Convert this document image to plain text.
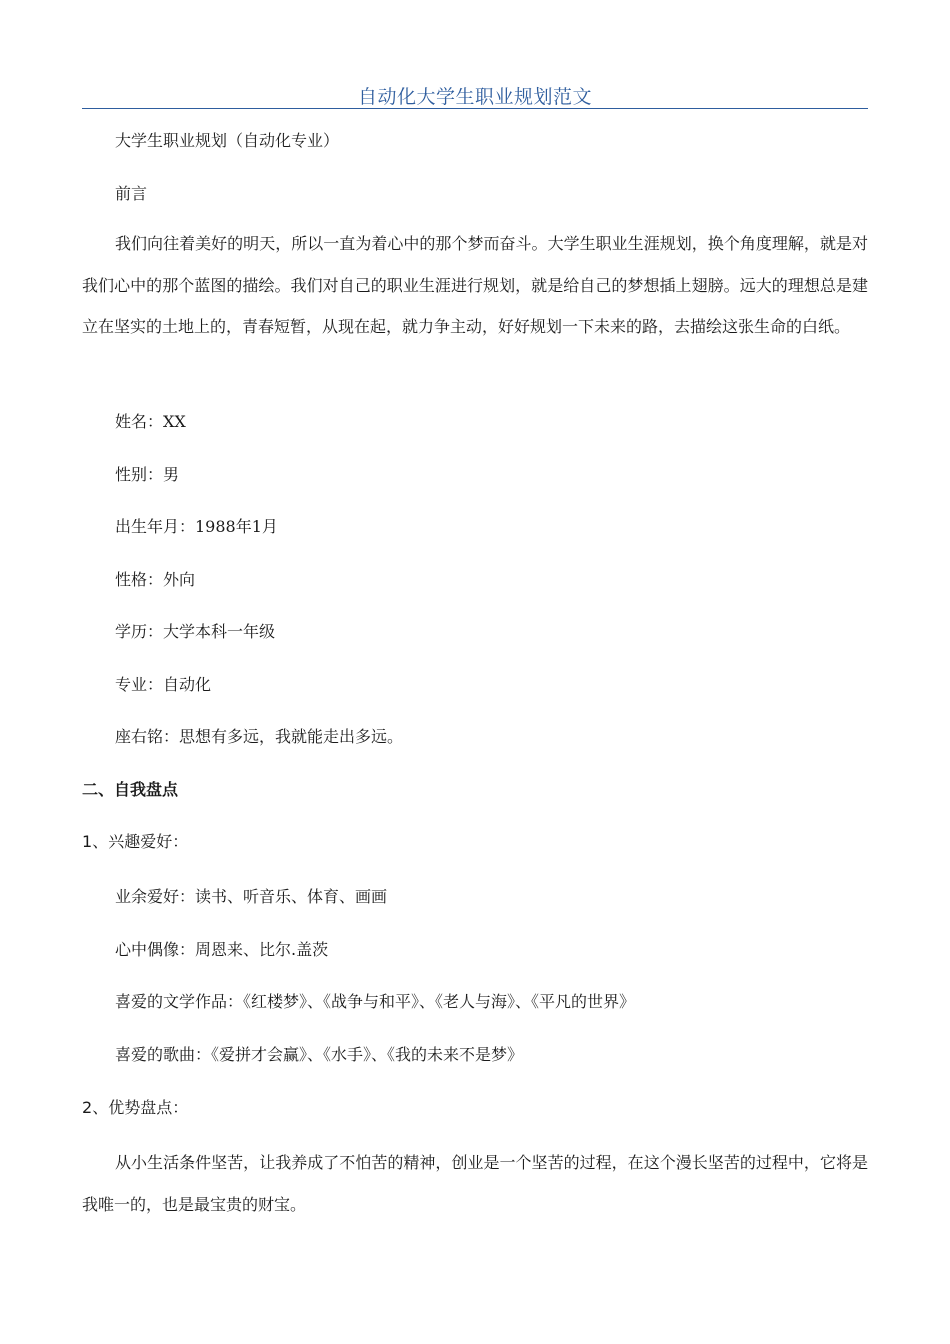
自动化大学生职业规划范文
大学生职业规划（自动化专业）
前言
我们向往着美好的明天，所以一直为着心中的那个梦而奋斗。大学生职业生涯规划，换个角度理解，就是对我们心中的那个蓝图的描绘。我们对自己的职业生涯进行规划，就是给自己的梦想插上翅膀。远大的理想总是建立在坚实的土地上的，青春短暂，从现在起，就力争主动，好好规划一下未来的路，去描绘这张生命的白纸。
姓名：XX
性别：男
出生年月：1988年1月
性格：外向
学历：大学本科一年级
专业：自动化
座右铭：思想有多远，我就能走出多远。
二、自我盘点
1、兴趣爱好：
业余爱好：读书、听音乐、体育、画画
心中偶像：周恩来、比尔.盖茨
喜爱的文学作品：《红楼梦》、《战争与和平》、《老人与海》、《平凡的世界》
喜爱的歌曲：《爱拼才会赢》、《水手》、《我的未来不是梦》
2、优势盘点：
从小生活条件坚苦，让我养成了不怕苦的精神，创业是一个坚苦的过程，在这个漫长坚苦的过程中，它将是我唯一的，也是最宝贵的财宝。
